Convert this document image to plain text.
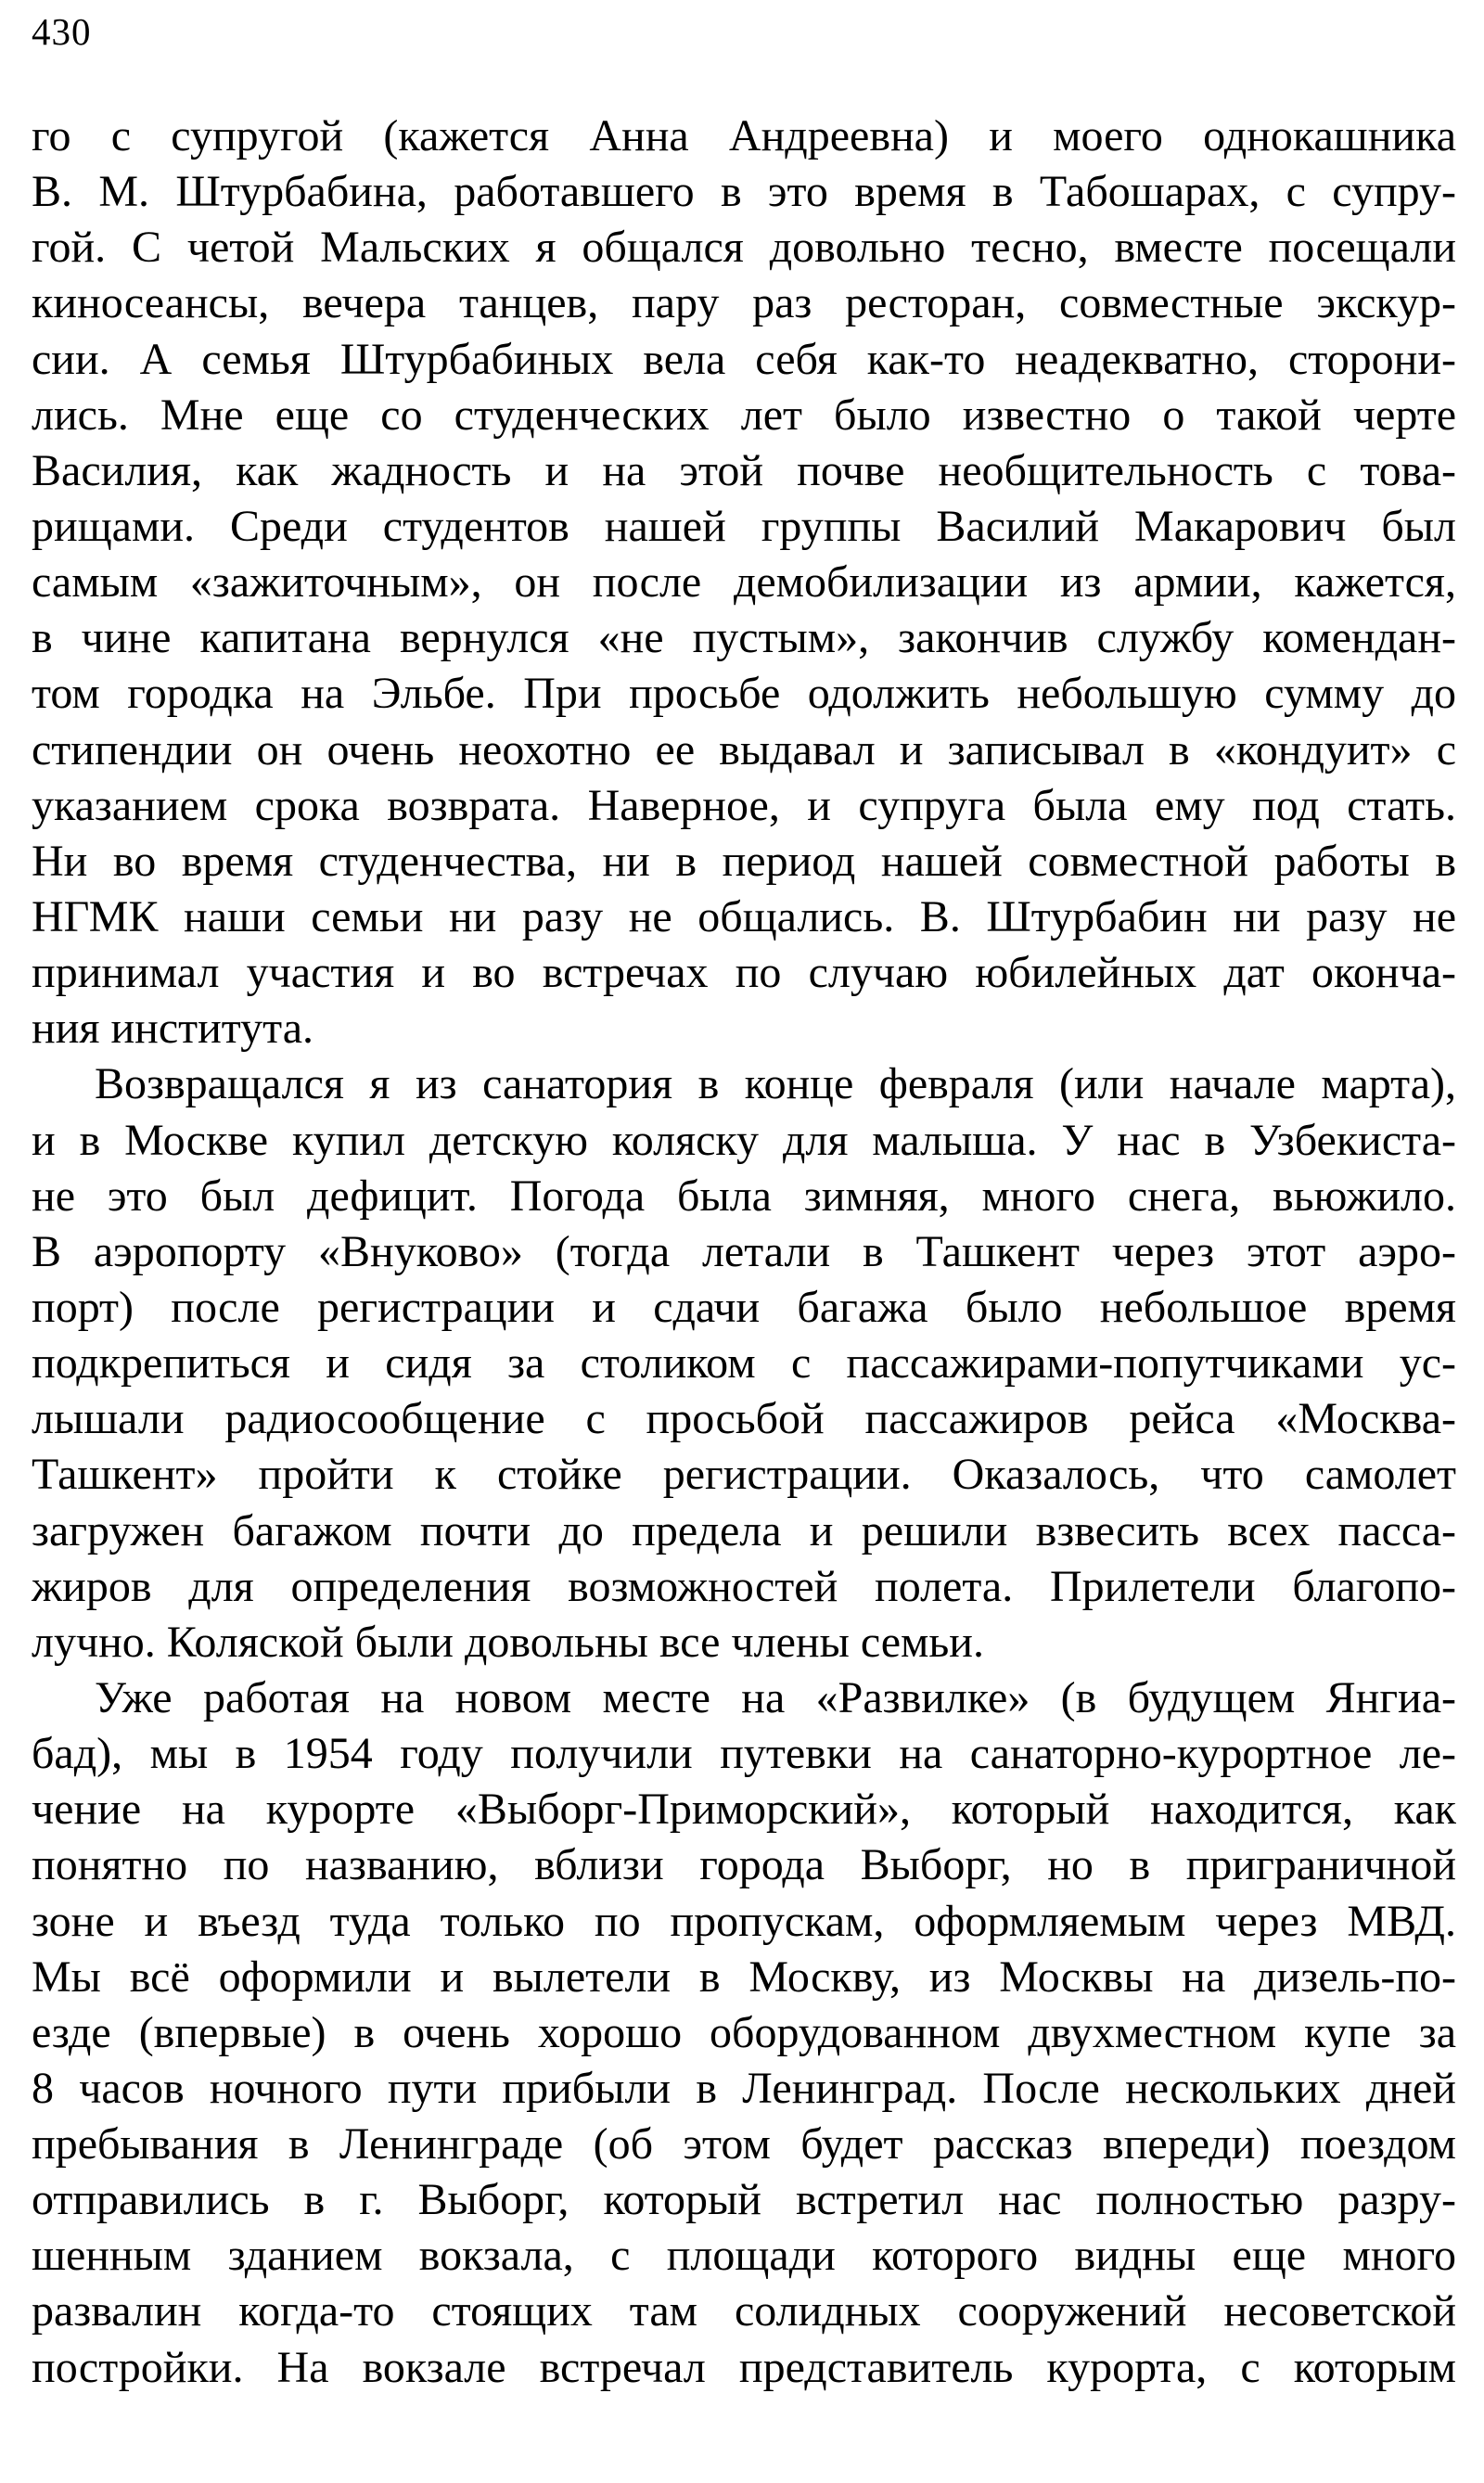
430
го с супругой (кажется Анна Андреевна) и моего однокашника
В. М. Штурбабина, работавшего в это время в Табошарах, с супру-
гой. С четой Мальских я общался довольно тесно, вместе посещали
киносеансы, вечера танцев, пару раз ресторан, совместные экскур-
сии. А семья Штурбабиных вела себя как-то неадекватно, сторони-
лись. Мне еще со студенческих лет было известно о такой черте
Василия, как жадность и на этой почве необщительность с това-
рищами. Среди студентов нашей группы Василий Макарович был
самым «зажиточным», он после демобилизации из армии, кажется,
в чине капитана вернулся «не пустым», закончив службу комендан-
том городка на Эльбе. При просьбе одолжить небольшую сумму до
стипендии он очень неохотно ее выдавал и записывал в «кондуит» с
указанием срока возврата. Наверное, и супруга была ему под стать.
Ни во время студенчества, ни в период нашей совместной работы в
НГМК наши семьи ни разу не общались. В. Штурбабин ни разу не
принимал участия и во встречах по случаю юбилейных дат оконча-
ния института.
Возвращался я из санатория в конце февраля (или начале марта),
и в Москве купил детскую коляску для малыша. У нас в Узбекиста-
не это был дефицит. Погода была зимняя, много снега, вьюжило.
В аэропорту «Внуково» (тогда летали в Ташкент через этот аэро-
порт) после регистрации и сдачи багажа было небольшое время
подкрепиться и сидя за столиком с пассажирами-попутчиками ус-
лышали радиосообщение с просьбой пассажиров рейса «Москва-
Ташкент» пройти к стойке регистрации. Оказалось, что самолет
загружен багажом почти до предела и решили взвесить всех пасса-
жиров для определения возможностей полета. Прилетели благопо-
лучно. Коляской были довольны все члены семьи.
Уже работая на новом месте на «Развилке» (в будущем Янгиа-
бад), мы в 1954 году получили путевки на санаторно-курортное ле-
чение на курорте «Выборг-Приморский», который находится, как
понятно по названию, вблизи города Выборг, но в приграничной
зоне и въезд туда только по пропускам, оформляемым через МВД.
Мы всё оформили и вылетели в Москву, из Москвы на дизель-по-
езде (впервые) в очень хорошо оборудованном двухместном купе за
8 часов ночного пути прибыли в Ленинград. После нескольких дней
пребывания в Ленинграде (об этом будет рассказ впереди) поездом
отправились в г. Выборг, который встретил нас полностью разру-
шенным зданием вокзала, с площади которого видны еще много
развалин когда-то стоящих там солидных сооружений несоветской
постройки. На вокзале встречал представитель курорта, с которым
